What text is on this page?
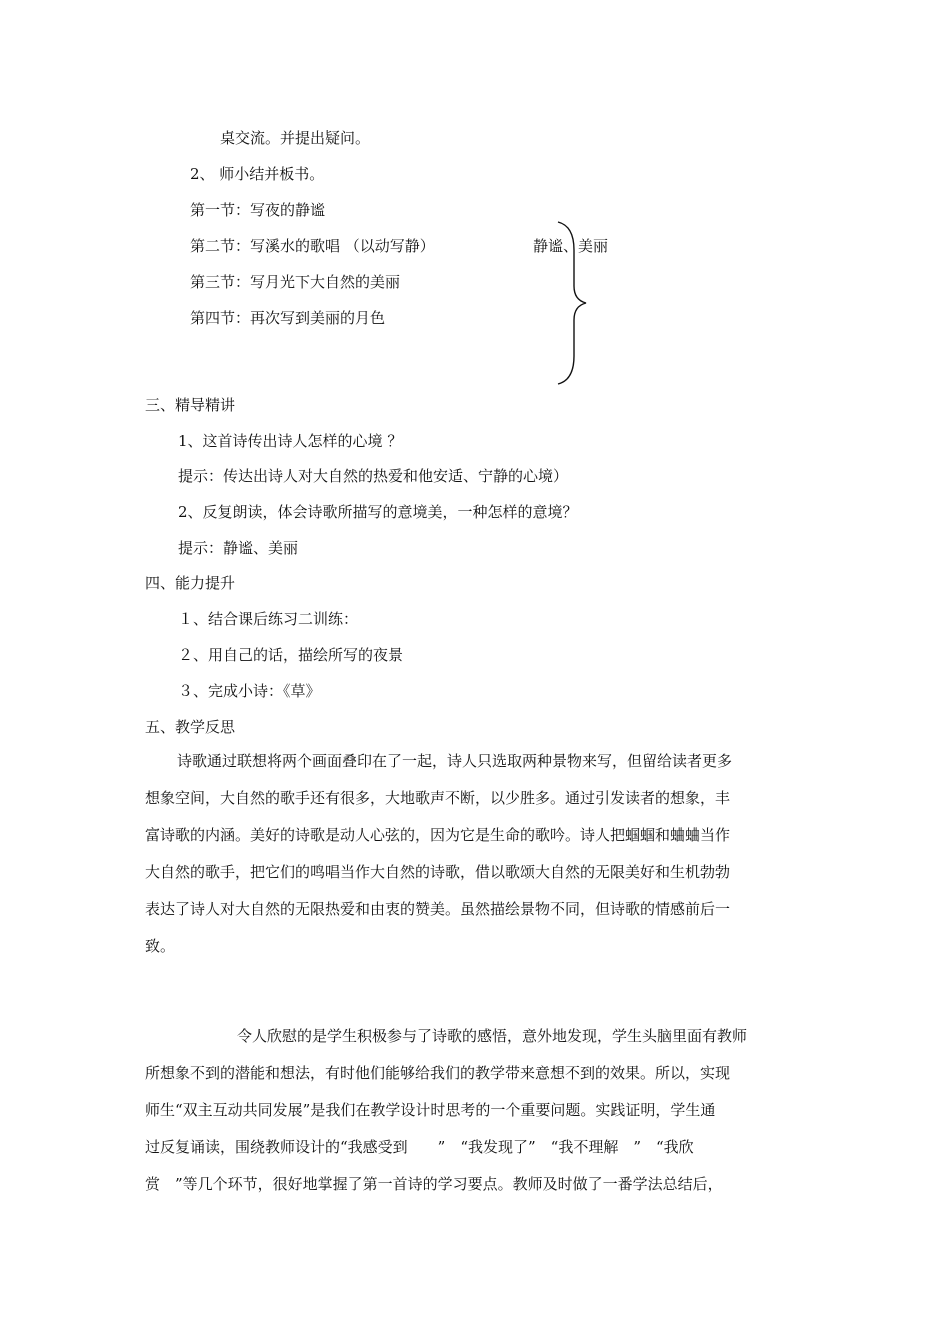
桌交流。并提出疑问。
2、 师小结并板书。
第一节：写夜的静谧
第二节：写溪水的歌唱 （以动写静）
第三节：写月光下大自然的美丽
第四节：再次写到美丽的月色
静谧、美丽
三、精导精讲
1、这首诗传出诗人怎样的心境 ？
提示：传达出诗人对大自然的热爱和他安适、宁静的心境）
2、反复朗读，体会诗歌所描写的意境美，一种怎样的意境？
提示：静谧、美丽
四、能力提升
１、结合课后练习二训练：
２、用自己的话，描绘所写的夜景
３、完成小诗：《草》
五、教学反思
诗歌通过联想将两个画面叠印在了一起，诗人只选取两种景物来写，但留给读者更多
想象空间，大自然的歌手还有很多，大地歌声不断，以少胜多。通过引发读者的想象，丰
富诗歌的内涵。美好的诗歌是动人心弦的，因为它是生命的歌吟。诗人把蝈蝈和蛐蛐当作
大自然的歌手，把它们的鸣唱当作大自然的诗歌，借以歌颂大自然的无限美好和生机勃勃
表达了诗人对大自然的无限热爱和由衷的赞美。虽然描绘景物不同，但诗歌的情感前后一
致。
令人欣慰的是学生积极参与了诗歌的感悟，意外地发现，学生头脑里面有教师
所想象不到的潜能和想法，有时他们能够给我们的教学带来意想不到的效果。所以，实现
师生“双主互动共同发展”是我们在教学设计时思考的一个重要问题。实践证明，学生通
过反复诵读，围绕教师设计的“我感受到　　”　“我发现了”　“我不理解　”　“我欣
赏　”等几个环节，很好地掌握了第一首诗的学习要点。教师及时做了一番学法总结后，
